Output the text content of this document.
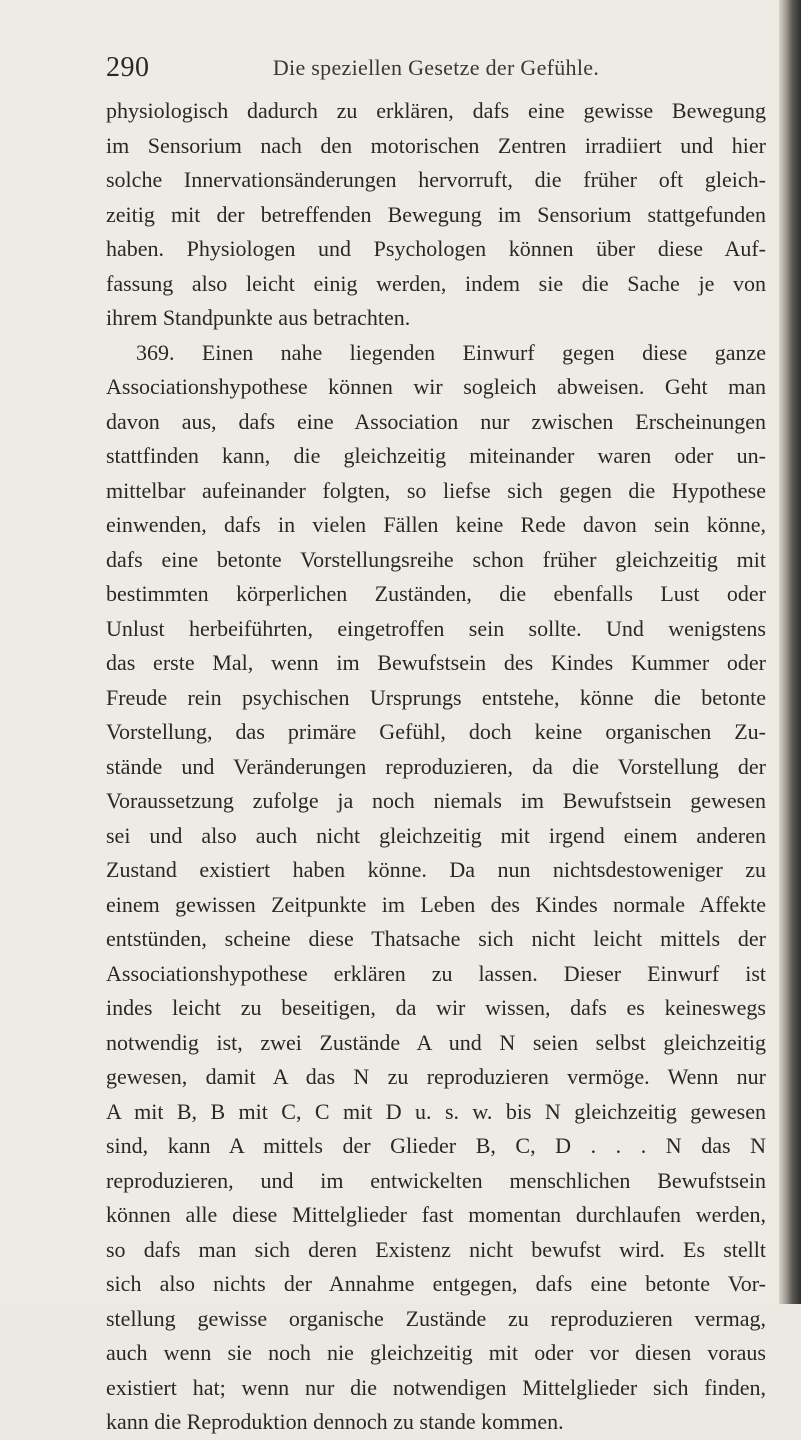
290	Die speziellen Gesetze der Gefühle.
physiologisch dadurch zu erklären, dafs eine gewisse Bewegung
im Sensorium nach den motorischen Zentren irradiiert und hier
solche Innervationsänderungen hervorruft, die früher oft gleich-
zeitig mit der betreffenden Bewegung im Sensorium stattgefunden
haben. Physiologen und Psychologen können über diese Auf-
fassung also leicht einig werden, indem sie die Sache je von
ihrem Standpunkte aus betrachten.
369. Einen nahe liegenden Einwurf gegen diese ganze
Associationshypothese können wir sogleich abweisen. Geht man
davon aus, dafs eine Association nur zwischen Erscheinungen
stattfinden kann, die gleichzeitig miteinander waren oder un-
mittelbar aufeinander folgten, so liefse sich gegen die Hypothese
einwenden, dafs in vielen Fällen keine Rede davon sein könne,
dafs eine betonte Vorstellungsreihe schon früher gleichzeitig mit
bestimmten körperlichen Zuständen, die ebenfalls Lust oder
Unlust herbeiführten, eingetroffen sein sollte. Und wenigstens
das erste Mal, wenn im Bewufstsein des Kindes Kummer oder
Freude rein psychischen Ursprungs entstehe, könne die betonte
Vorstellung, das primäre Gefühl, doch keine organischen Zu-
stände und Veränderungen reproduzieren, da die Vorstellung der
Voraussetzung zufolge ja noch niemals im Bewufstsein gewesen
sei und also auch nicht gleichzeitig mit irgend einem anderen
Zustand existiert haben könne. Da nun nichtsdestoweniger zu
einem gewissen Zeitpunkte im Leben des Kindes normale Affekte
entstünden, scheine diese Thatsache sich nicht leicht mittels der
Associationshypothese erklären zu lassen. Dieser Einwurf ist
indes leicht zu beseitigen, da wir wissen, dafs es keineswegs
notwendig ist, zwei Zustände A und N seien selbst gleichzeitig
gewesen, damit A das N zu reproduzieren vermöge. Wenn nur
A mit B, B mit C, C mit D u. s. w. bis N gleichzeitig gewesen
sind, kann A mittels der Glieder B, C, D . . . N das N
reproduzieren, und im entwickelten menschlichen Bewufstsein
können alle diese Mittelglieder fast momentan durchlaufen werden,
so dafs man sich deren Existenz nicht bewufst wird. Es stellt
sich also nichts der Annahme entgegen, dafs eine betonte Vor-
stellung gewisse organische Zustände zu reproduzieren vermag,
auch wenn sie noch nie gleichzeitig mit oder vor diesen voraus
existiert hat; wenn nur die notwendigen Mittelglieder sich finden,
kann die Reproduktion dennoch zu stande kommen.
